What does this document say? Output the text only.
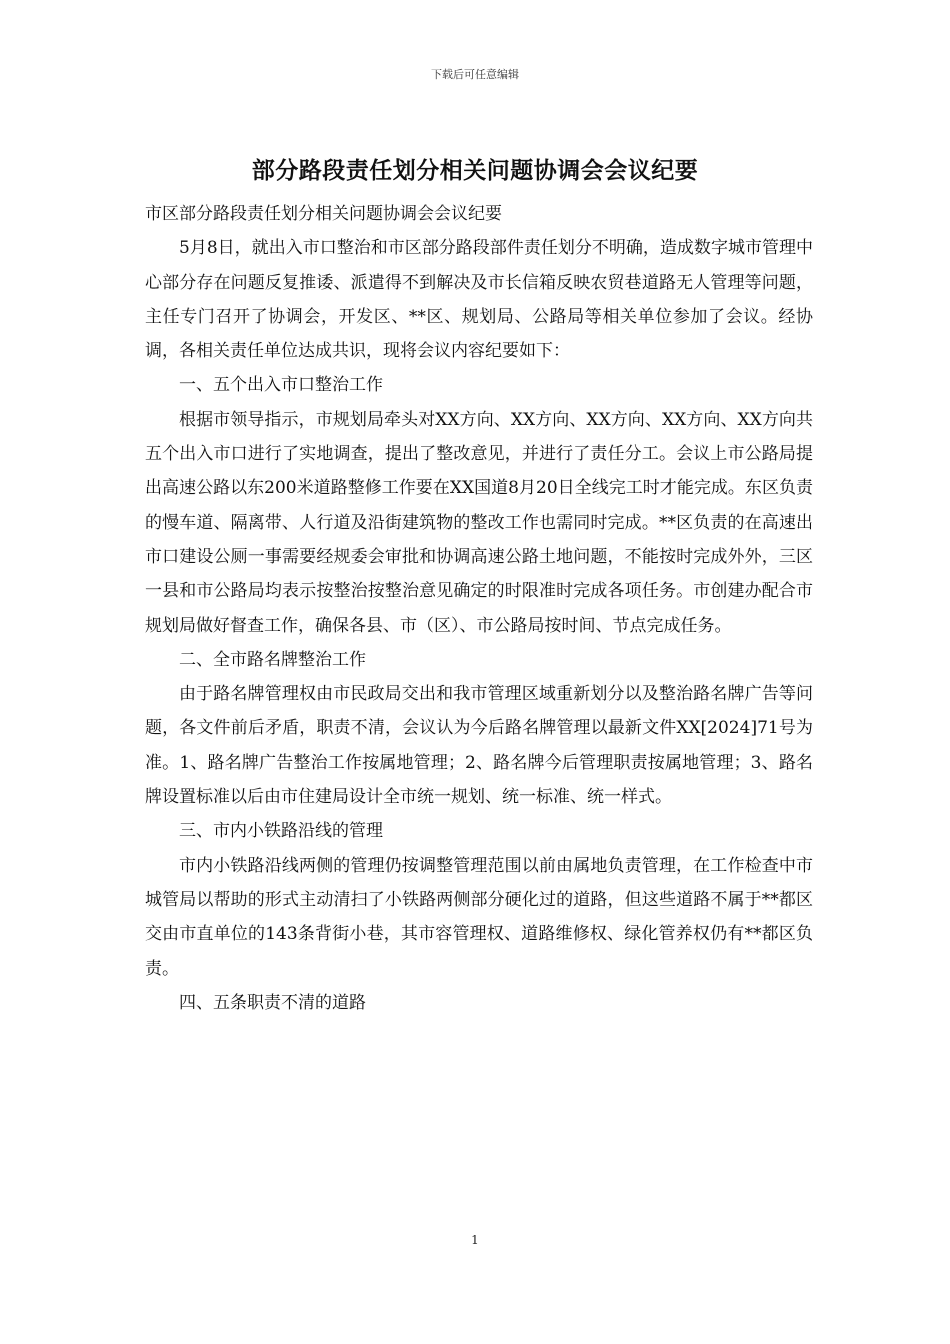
下载后可任意编辑
部分路段责任划分相关问题协调会会议纪要

市区部分路段责任划分相关问题协调会会议纪要

5月8日，就出入市口整治和市区部分路段部件责任划分不明确，造成数字城市管理中心部分存在问题反复推诿、派遣得不到解决及市长信箱反映农贸巷道路无人管理等问题，主任专门召开了协调会，开发区、**区、规划局、公路局等相关单位参加了会议。经协调，各相关责任单位达成共识，现将会议内容纪要如下：

一、五个出入市口整治工作

根据市领导指示，市规划局牵头对XX方向、XX方向、XX方向、XX方向、XX方向共五个出入市口进行了实地调查，提出了整改意见，并进行了责任分工。会议上市公路局提出高速公路以东200米道路整修工作要在XX国道8月20日全线完工时才能完成。东区负责的慢车道、隔离带、人行道及沿街建筑物的整改工作也需同时完成。**区负责的在高速出市口建设公厕一事需要经规委会审批和协调高速公路土地问题，不能按时完成外外，三区一县和市公路局均表示按整治按整治意见确定的时限准时完成各项任务。市创建办配合市规划局做好督查工作，确保各县、市（区）、市公路局按时间、节点完成任务。

二、全市路名牌整治工作

由于路名牌管理权由市民政局交出和我市管理区域重新划分以及整治路名牌广告等问题，各文件前后矛盾，职责不清，会议认为今后路名牌管理以最新文件XX[2024]71号为准。1、路名牌广告整治工作按属地管理；2、路名牌今后管理职责按属地管理；3、路名牌设置标准以后由市住建局设计全市统一规划、统一标准、统一样式。

三、市内小铁路沿线的管理

市内小铁路沿线两侧的管理仍按调整管理范围以前由属地负责管理，在工作检查中市城管局以帮助的形式主动清扫了小铁路两侧部分硬化过的道路，但这些道路不属于**都区交由市直单位的143条背街小巷，其市容管理权、道路维修权、绿化管养权仍有**都区负责。

四、五条职责不清的道路

1
